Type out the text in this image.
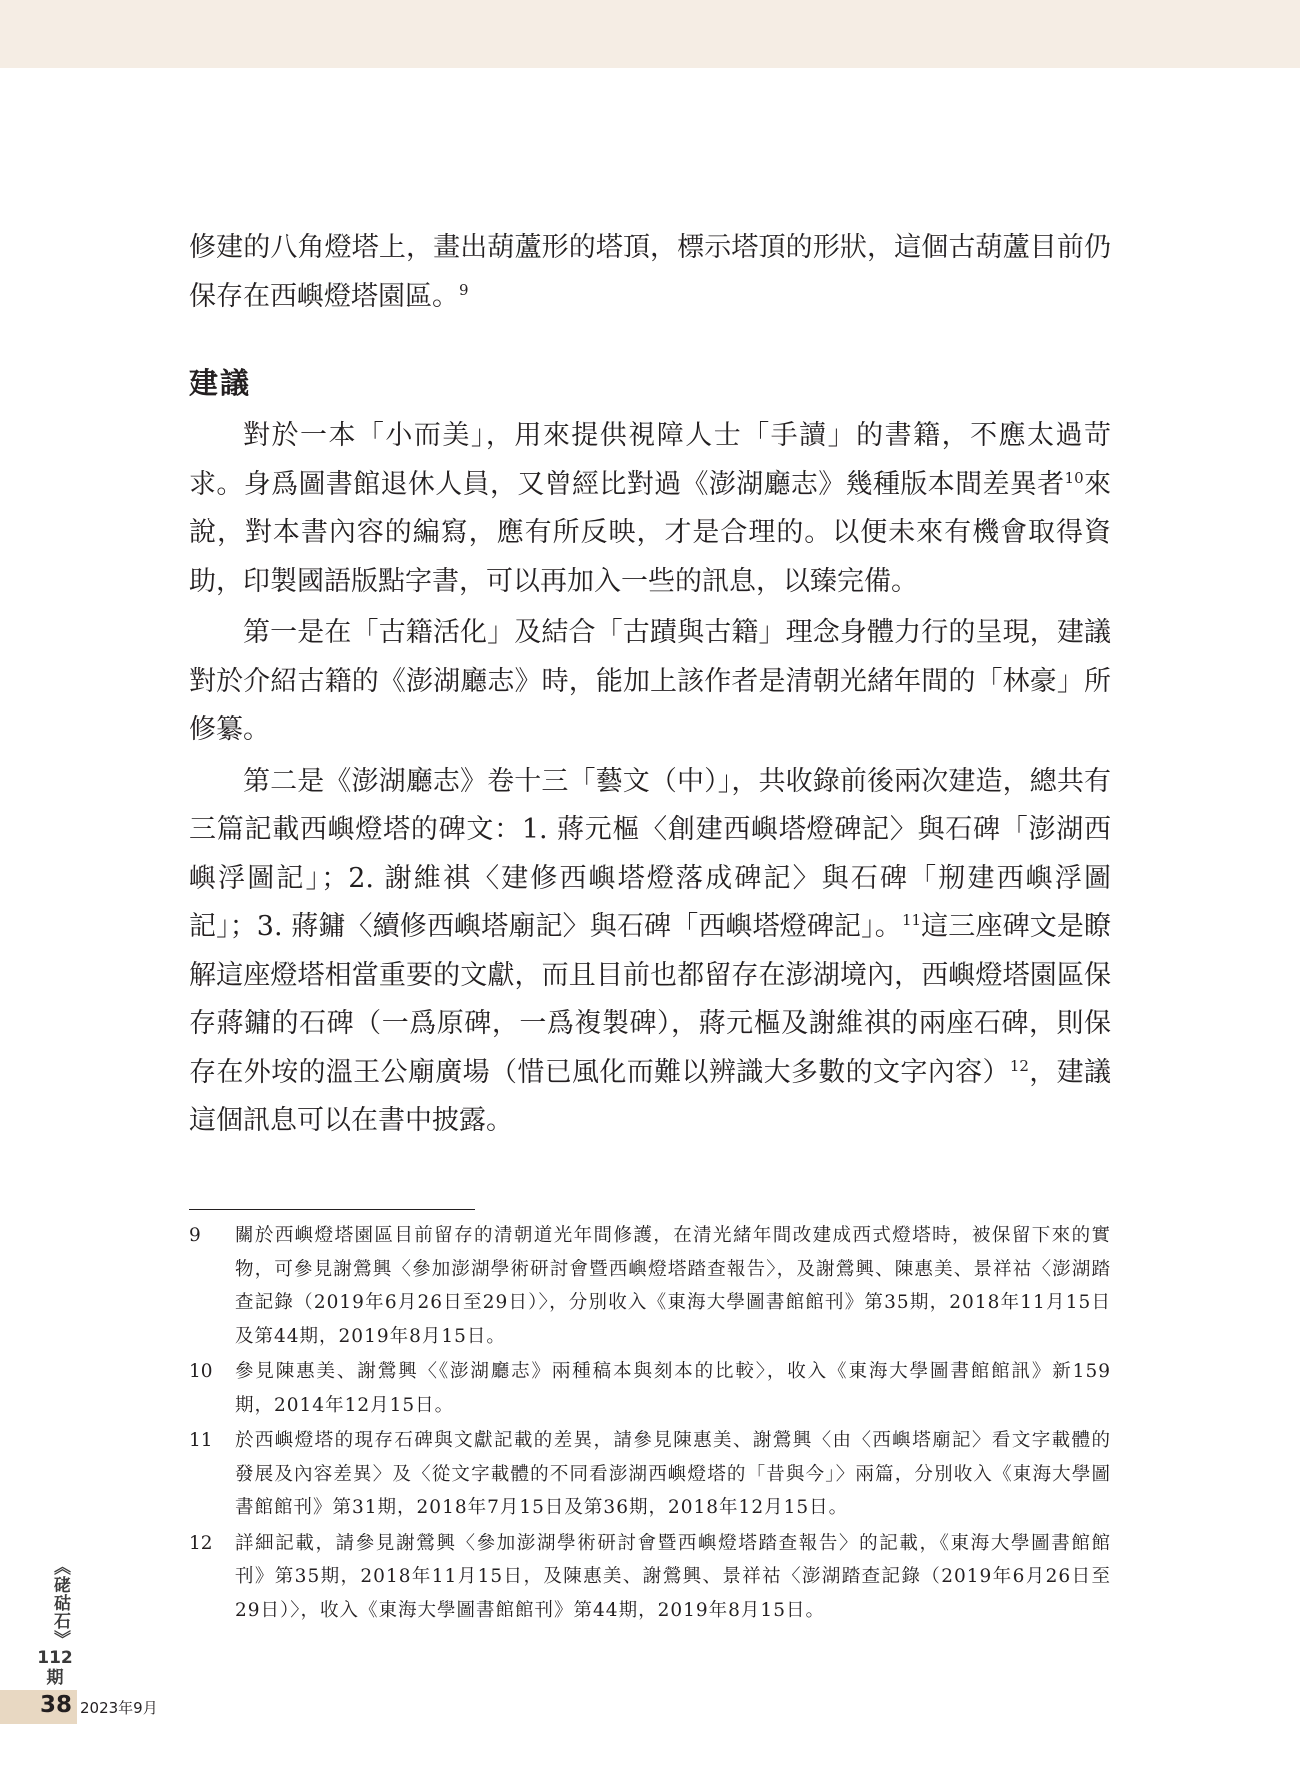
修建的八角燈塔上，畫出葫蘆形的塔頂，標示塔頂的形狀，這個古葫蘆目前仍保存在西嶼燈塔園區。$^9$

建議

對於一本「小而美」，用來提供視障人士「手讀」的書籍，不應太過苛求。身爲圖書館退休人員，又曾經比對過《澎湖廳志》幾種版本間差異者$^{10}$來說，對本書內容的編寫，應有所反映，才是合理的。以便未來有機會取得資助，印製國語版點字書，可以再加入一些的訊息，以臻完備。

第一是在「古籍活化」及結合「古蹟與古籍」理念身體力行的呈現，建議對於介紹古籍的《澎湖廳志》時，能加上該作者是清朝光緒年間的「林豪」所修纂。

第二是《澎湖廳志》卷十三「藝文（中）」，共收錄前後兩次建造，總共有三篇記載西嶼燈塔的碑文：1. 蔣元樞〈創建西嶼塔燈碑記〉與石碑「澎湖西嶼浮圖記」；2. 謝維祺〈建修西嶼塔燈落成碑記〉與石碑「剏建西嶼浮圖記」；3. 蔣鏞〈續修西嶼塔廟記〉與石碑「西嶼塔燈碑記」。$^{11}$這三座碑文是瞭解這座燈塔相當重要的文獻，而且目前也都留存在澎湖境內，西嶼燈塔園區保存蔣鏞的石碑（一爲原碑，一爲複製碑），蔣元樞及謝維祺的兩座石碑，則保存在外垵的溫王公廟廣場（惜已風化而難以辨識大多數的文字內容）$^{12}$，建議這個訊息可以在書中披露。

9 關於西嶼燈塔園區目前留存的清朝道光年間修護，在清光緒年間改建成西式燈塔時，被保留下來的實物，可參見謝鶯興〈參加澎湖學術研討會暨西嶼燈塔踏查報告〉，及謝鶯興、陳惠美、景祥祜〈澎湖踏查記錄（2019年6月26日至29日）〉，分別收入《東海大學圖書館館刊》第35期，2018年11月15日及第44期，2019年8月15日。
10 參見陳惠美、謝鶯興〈《澎湖廳志》兩種稿本與刻本的比較〉，收入《東海大學圖書館館訊》新159期，2014年12月15日。
11 於西嶼燈塔的現存石碑與文獻記載的差異，請參見陳惠美、謝鶯興〈由〈西嶼塔廟記〉看文字載體的發展及內容差異〉及〈從文字載體的不同看澎湖西嶼燈塔的「昔與今」〉兩篇，分別收入《東海大學圖書館館刊》第31期，2018年7月15日及第36期，2018年12月15日。
12 詳細記載，請參見謝鶯興〈參加澎湖學術研討會暨西嶼燈塔踏查報告〉的記載，《東海大學圖書館館刊》第35期，2018年11月15日，及陳惠美、謝鶯興、景祥祜〈澎湖踏查記錄（2019年6月26日至29日）〉，收入《東海大學圖書館館刊》第44期，2019年8月15日。
《硓𥑮石》
112
期
38 2023年9月
